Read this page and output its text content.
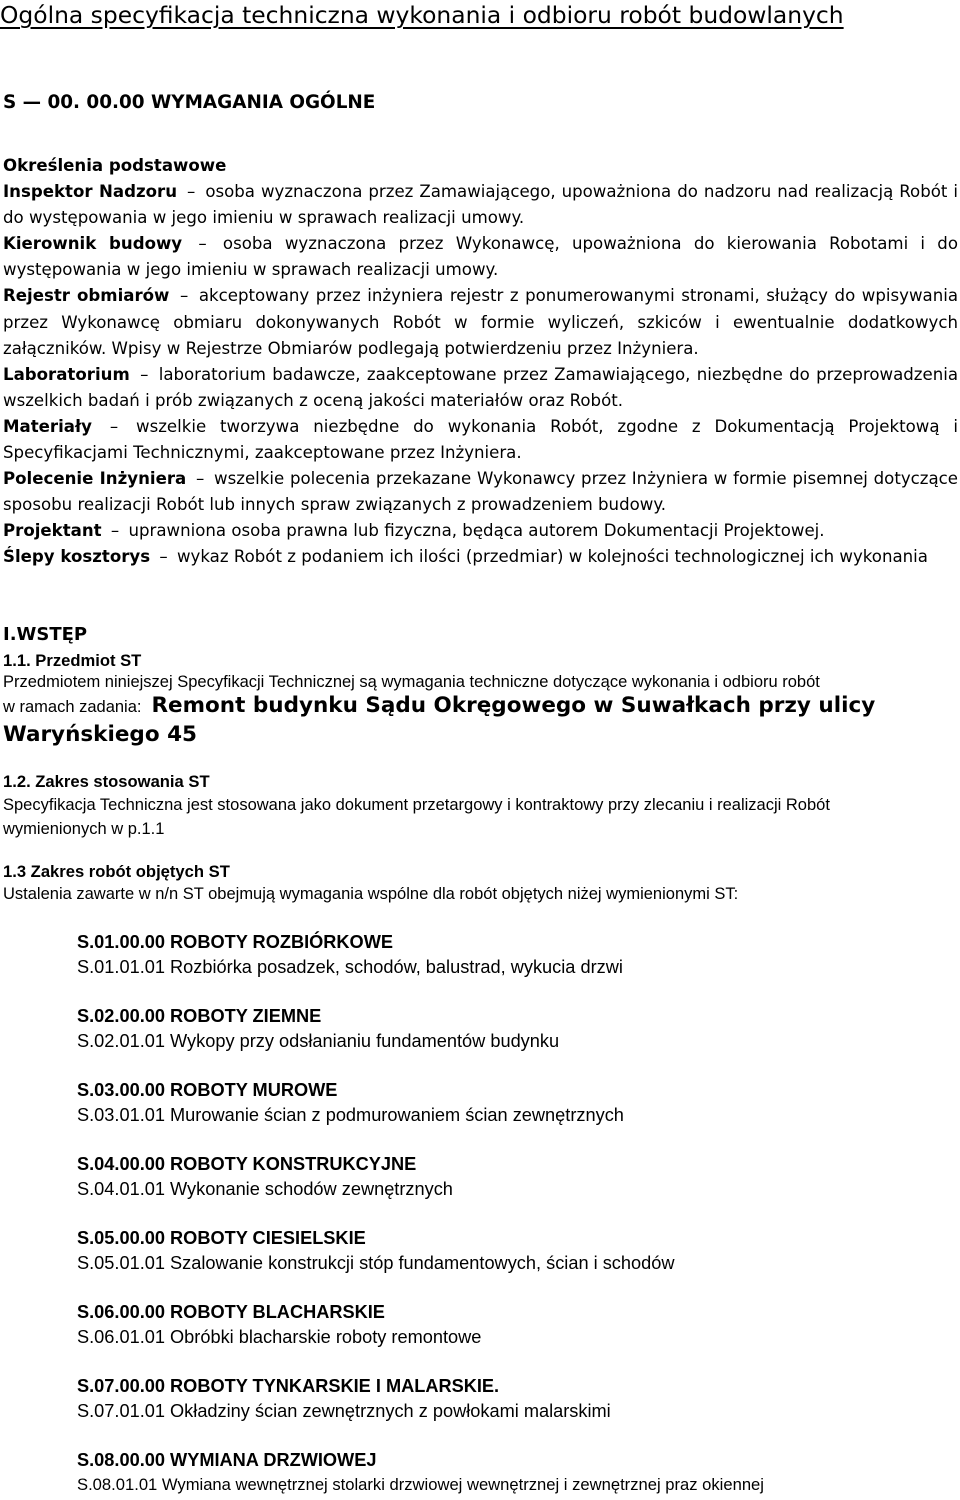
Ogólna specyfikacja techniczna wykonania i odbioru robót budowlanych
S — 00. 00.00 WYMAGANIA OGÓLNE

Określenia podstawowe

Inspektor Nadzoru – osoba wyznaczona przez Zamawiającego, upoważniona do nadzoru nad realizacją Robót i do występowania w jego imieniu w sprawach realizacji umowy.

Kierownik budowy – osoba wyznaczona przez Wykonawcę, upoważniona do kierowania Robotami i do występowania w jego imieniu w sprawach realizacji umowy.

Rejestr obmiarów – akceptowany przez inżyniera rejestr z ponumerowanymi stronami, służący do wpisywania przez Wykonawcę obmiaru dokonywanych Robót w formie wyliczeń, szkiców i ewentualnie dodatkowych załączników. Wpisy w Rejestrze Obmiarów podlegają potwierdzeniu przez Inżyniera.

Laboratorium – laboratorium badawcze, zaakceptowane przez Zamawiającego, niezbędne do przeprowadzenia wszelkich badań i prób związanych z oceną jakości materiałów oraz Robót.

Materiały – wszelkie tworzywa niezbędne do wykonania Robót, zgodne z Dokumentacją Projektową i Specyfikacjami Technicznymi, zaakceptowane przez Inżyniera.

Polecenie Inżyniera – wszelkie polecenia przekazane Wykonawcy przez Inżyniera w formie pisemnej dotyczące sposobu realizacji Robót lub innych spraw związanych z prowadzeniem budowy.

Projektant – uprawniona osoba prawna lub fizyczna, będąca autorem Dokumentacji Projektowej.

Ślepy kosztorys – wykaz Robót z podaniem ich ilości (przedmiar) w kolejności technologicznej ich wykonania

I.WSTĘP
1.1. Przedmiot ST
Przedmiotem niniejszej Specyfikacji Technicznej są wymagania techniczne dotyczące wykonania i odbioru robót
w ramach zadania: Remont budynku Sądu Okręgowego w Suwałkach przy ulicy
Waryńskiego 45
1.2. Zakres stosowania ST
Specyfikacja Techniczna jest stosowana jako dokument przetargowy i kontraktowy przy zlecaniu i realizacji Robót wymienionych w p.1.1
1.3 Zakres robót objętych ST
Ustalenia zawarte w n/n ST obejmują wymagania wspólne dla robót objętych niżej wymienionymi ST:
S.01.00.00 ROBOTY ROZBIÓRKOWE
S.01.01.01 Rozbiórka posadzek, schodów, balustrad, wykucia drzwi
S.02.00.00 ROBOTY ZIEMNE
S.02.01.01 Wykopy przy odsłanianiu fundamentów budynku
S.03.00.00 ROBOTY MUROWE
S.03.01.01 Murowanie ścian z podmurowaniem ścian zewnętrznych
S.04.00.00 ROBOTY KONSTRUKCYJNE
S.04.01.01 Wykonanie schodów zewnętrznych
S.05.00.00 ROBOTY CIESIELSKIE
S.05.01.01 Szalowanie konstrukcji stóp fundamentowych, ścian i schodów
S.06.00.00 ROBOTY BLACHARSKIE
S.06.01.01 Obróbki blacharskie roboty remontowe
S.07.00.00 ROBOTY TYNKARSKIE I MALARSKIE.
S.07.01.01 Okładziny ścian zewnętrznych z powłokami malarskimi
S.08.00.00 WYMIANA DRZWIOWEJ
S.08.01.01 Wymiana wewnętrznej stolarki drzwiowej wewnętrznej i zewnętrznej praz okiennej
